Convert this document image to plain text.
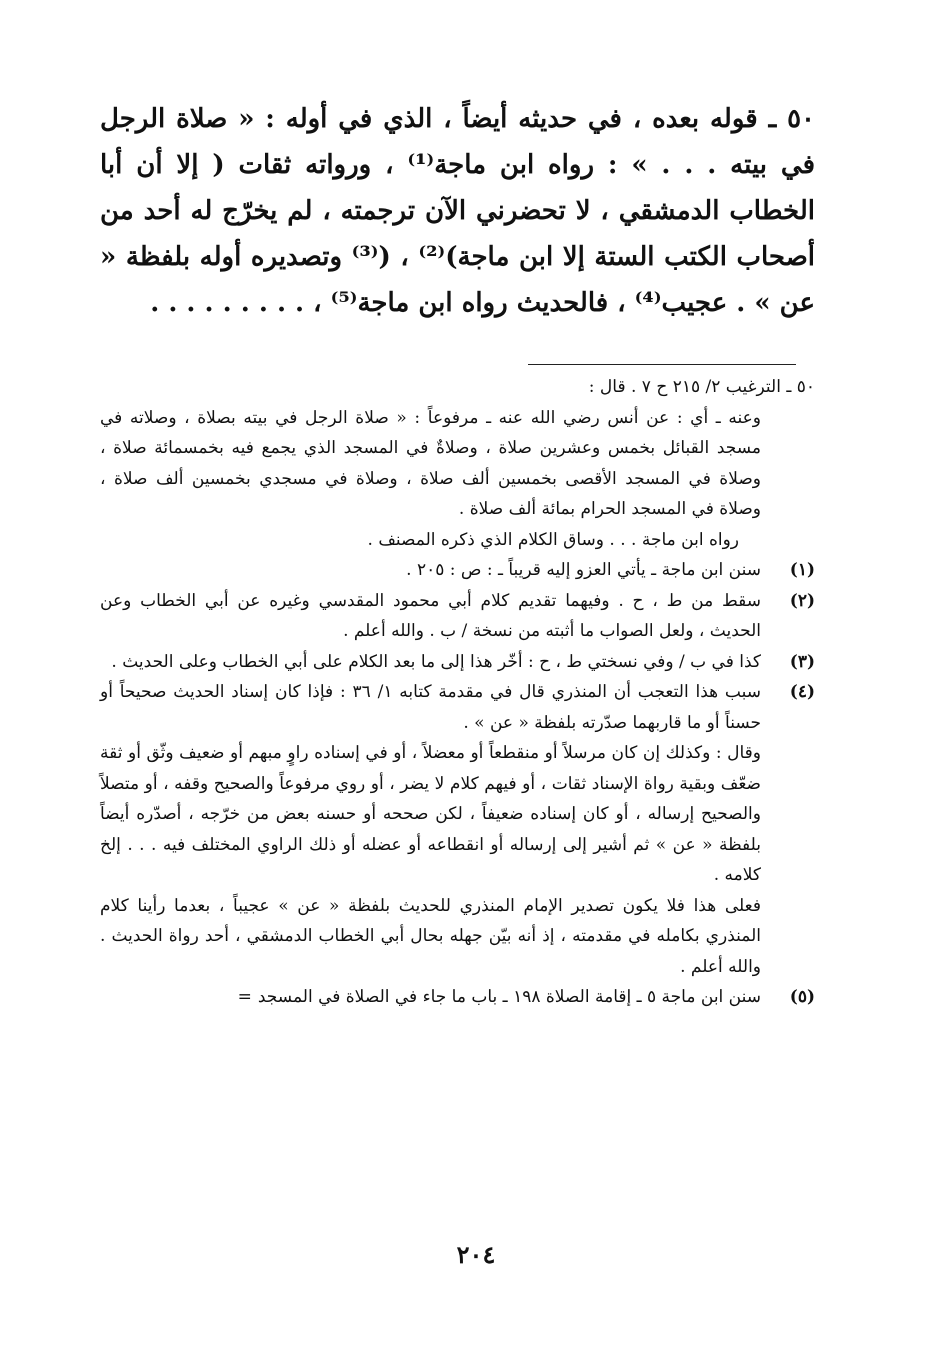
٥٠ ـ قوله بعده ، في حديثه أيضاً ، الذي في أوله : « صلاة الرجل في بيته . . . » : رواه ابن ماجة⁽¹⁾ ، ورواته ثقات ( إلا أن أبا الخطاب الدمشقي ، لا تحضرني الآن ترجمته ، لم يخرّج له أحد من أصحاب الكتب الستة إلا ابن ماجة)⁽²⁾ ، (⁽³⁾ وتصديره أوله بلفظة « عن » . عجيب⁽⁴⁾ ، فالحديث رواه ابن ماجة⁽⁵⁾ ، . . . . . . . . .

٥٠ ـ الترغيب ٢/ ٢١٥ ح ٧ . قال :

وعنه ـ أي : عن أنس رضي الله عنه ـ مرفوعاً : « صلاة الرجل في بيته بصلاة ، وصلاته في مسجد القبائل بخمس وعشرين صلاة ، وصلاةٌ في المسجد الذي يجمع فيه بخمسمائة صلاة ، وصلاة في المسجد الأقصى بخمسين ألف صلاة ، وصلاة في مسجدي بخمسين ألف صلاة ، وصلاة في المسجد الحرام بمائة ألف صلاة .

رواه ابن ماجة . . . وساق الكلام الذي ذكره المصنف .

(١)
سنن ابن ماجة ـ يأتي العزو إليه قريباً ـ : ص : ٢٠٥ .
(٢)
سقط من ط ، ح . وفيهما تقديم كلام أبي محمود المقدسي وغيره عن أبي الخطاب وعن الحديث ، ولعل الصواب ما أثبته من نسخة / ب . والله أعلم .
(٣)
كذا في ب / وفي نسختي ط ، ح : أخّر هذا إلى ما بعد الكلام على أبي الخطاب وعلى الحديث .
(٤)
سبب هذا التعجب أن المنذري قال في مقدمة كتابه ١/ ٣٦ : فإذا كان إسناد الحديث صحيحاً أو حسناً أو ما قاربهما صدّرته بلفظة « عن » .

وقال : وكذلك إن كان مرسلاً أو منقطعاً أو معضلاً ، أو في إسناده راوٍ مبهم أو ضعيف وثّق أو ثقة ضعّف وبقية رواة الإسناد ثقات ، أو فيهم كلام لا يضر ، أو روي مرفوعاً والصحيح وقفه ، أو متصلاً والصحيح إرساله ، أو كان إسناده ضعيفاً ، لكن صححه أو حسنه بعض من خرّجه ، أصدّره أيضاً بلفظة « عن » ثم أشير إلى إرساله أو انقطاعه أو عضله أو ذلك الراوي المختلف فيه . . . إلخ كلامه .

فعلى هذا فلا يكون تصدير الإمام المنذري للحديث بلفظة « عن » عجيباً ، بعدما رأينا كلام المنذري بكامله في مقدمته ، إذ أنه بيّن جهله بحال أبي الخطاب الدمشقي ، أحد رواة الحديث . والله أعلم .

(٥)
سنن ابن ماجة ٥ ـ إقامة الصلاة ١٩٨ ـ باب ما جاء في الصلاة في المسجد=
٢٠٤
